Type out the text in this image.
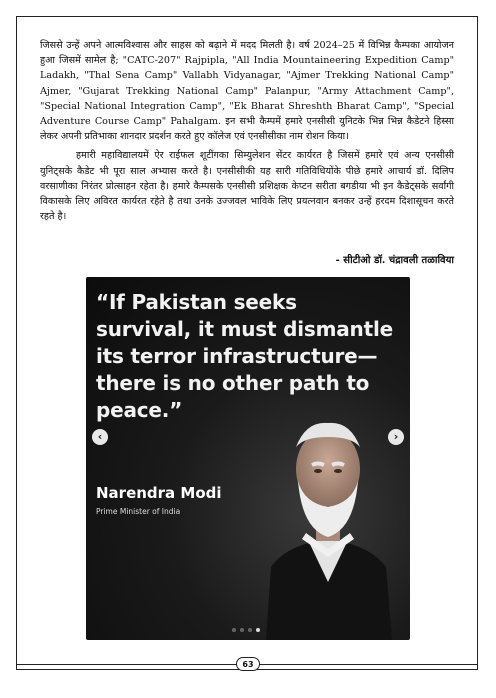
जिससे उन्हें अपने आत्मविश्वास और साहस को बढ़ाने में मदद मिलती है। वर्ष 2024–25 में विभिन्न कैम्पका आयोजन हुआ जिसमें सामेल है; "CATC-207" Rajpipla, "All India Mountaineering Expedition Camp" Ladakh, "Thal Sena Camp" Vallabh Vidyanagar, "Ajmer Trekking National Camp" Ajmer, "Gujarat Trekking National Camp" Palanpur, "Army Attachment Camp", "Special National Integration Camp", "Ek Bharat Shreshth Bharat Camp", "Special Adventure Course Camp" Pahalgam. इन सभी कैम्पमें हमारे एनसीसी युनिटके भिन्न भिन्न कैडेटने हिस्सा लेकर अपनी प्रतिभाका शानदार प्रदर्शन करते हुए कॉलेज एवं एनसीसीका नाम रोशन किया।

हमारी महाविद्यालयमें ऐर राईफल शूटींगका सिम्युलेशन सेंटर कार्यरत है जिसमें हमारे एवं अन्य एनसीसी युनिट्सके कैडेट भी पूरा साल अभ्यास करते है। एनसीसीकी यह सारी गतिविधियोंके पीछे हमारे आचार्य डॉ. दिलिप वरसाणीका निरंतर प्रोत्साहन रहेता है। हमारे कैम्पसके एनसीसी प्रशिक्षक केप्टन सरीता बगडीया भी इन कैडेट्सके सर्वांगी विकासके लिए अविरत कार्यरत रहेते है तथा उनके उज्जवल भाविके लिए प्रयत्नवान बनकर उन्हें हरदम दिशासूचन करते रहते है।

- सीटीओ डॉ. चंद्रावली तळाविया
“If Pakistan seeks survival, it must dismantle its terror infrastructure—there is no other path to peace.”
‹	›
Narendra Modi
Prime Minister of India
63
